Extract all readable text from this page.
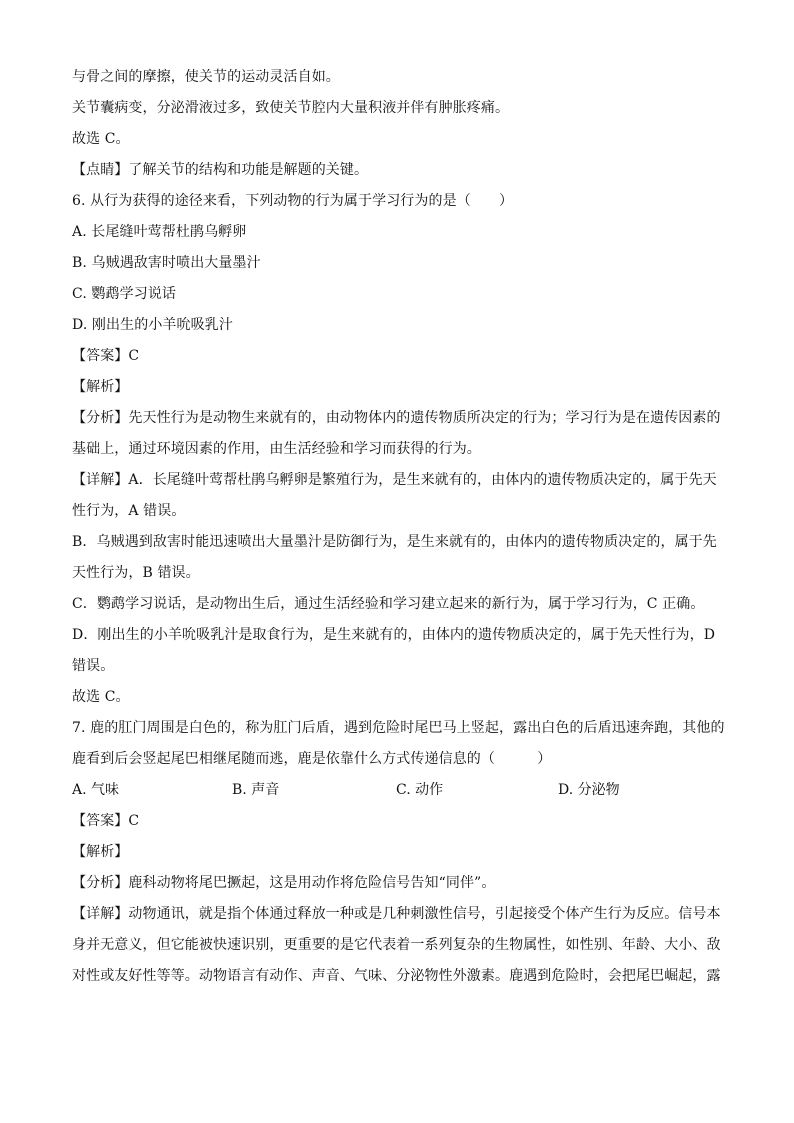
与骨之间的摩擦，使关节的运动灵活自如。
关节囊病变，分泌滑液过多，致使关节腔内大量积液并伴有肿胀疼痛。
故选 C。
【点睛】了解关节的结构和功能是解题的关键。
6. 从行为获得的途径来看，下列动物的行为属于学习行为的是（　　）
A. 长尾缝叶莺帮杜鹃乌孵卵
B. 乌贼遇敌害时喷出大量墨汁
C. 鹦鹉学习说话
D. 刚出生的小羊吮吸乳汁
【答案】C
【解析】
【分析】先天性行为是动物生来就有的，由动物体内的遗传物质所决定的行为；学习行为是在遗传因素的
基础上，通过环境因素的作用，由生活经验和学习而获得的行为。
【详解】A．长尾缝叶莺帮杜鹃乌孵卵是繁殖行为，是生来就有的，由体内的遗传物质决定的，属于先天
性行为，A 错误。
B．乌贼遇到敌害时能迅速喷出大量墨汁是防御行为，是生来就有的，由体内的遗传物质决定的，属于先
天性行为，B 错误。
C．鹦鹉学习说话，是动物出生后，通过生活经验和学习建立起来的新行为，属于学习行为，C 正确。
D．刚出生的小羊吮吸乳汁是取食行为，是生来就有的，由体内的遗传物质决定的，属于先天性行为，D
错误。
故选 C。
7. 鹿的肛门周围是白色的，称为肛门后盾，遇到危险时尾巴马上竖起，露出白色的后盾迅速奔跑，其他的
鹿看到后会竖起尾巴相继尾随而逃，鹿是依靠什么方式传递信息的（　　　）
A. 气味	B. 声音	C. 动作	D. 分泌物
【答案】C
【解析】
【分析】鹿科动物将尾巴撅起，这是用动作将危险信号告知“同伴”。
【详解】动物通讯，就是指个体通过释放一种或是几种刺激性信号，引起接受个体产生行为反应。信号本
身并无意义，但它能被快速识别，更重要的是它代表着一系列复杂的生物属性，如性别、年龄、大小、敌
对性或友好性等等。动物语言有动作、声音、气味、分泌物性外激素。鹿遇到危险时，会把尾巴崛起，露
